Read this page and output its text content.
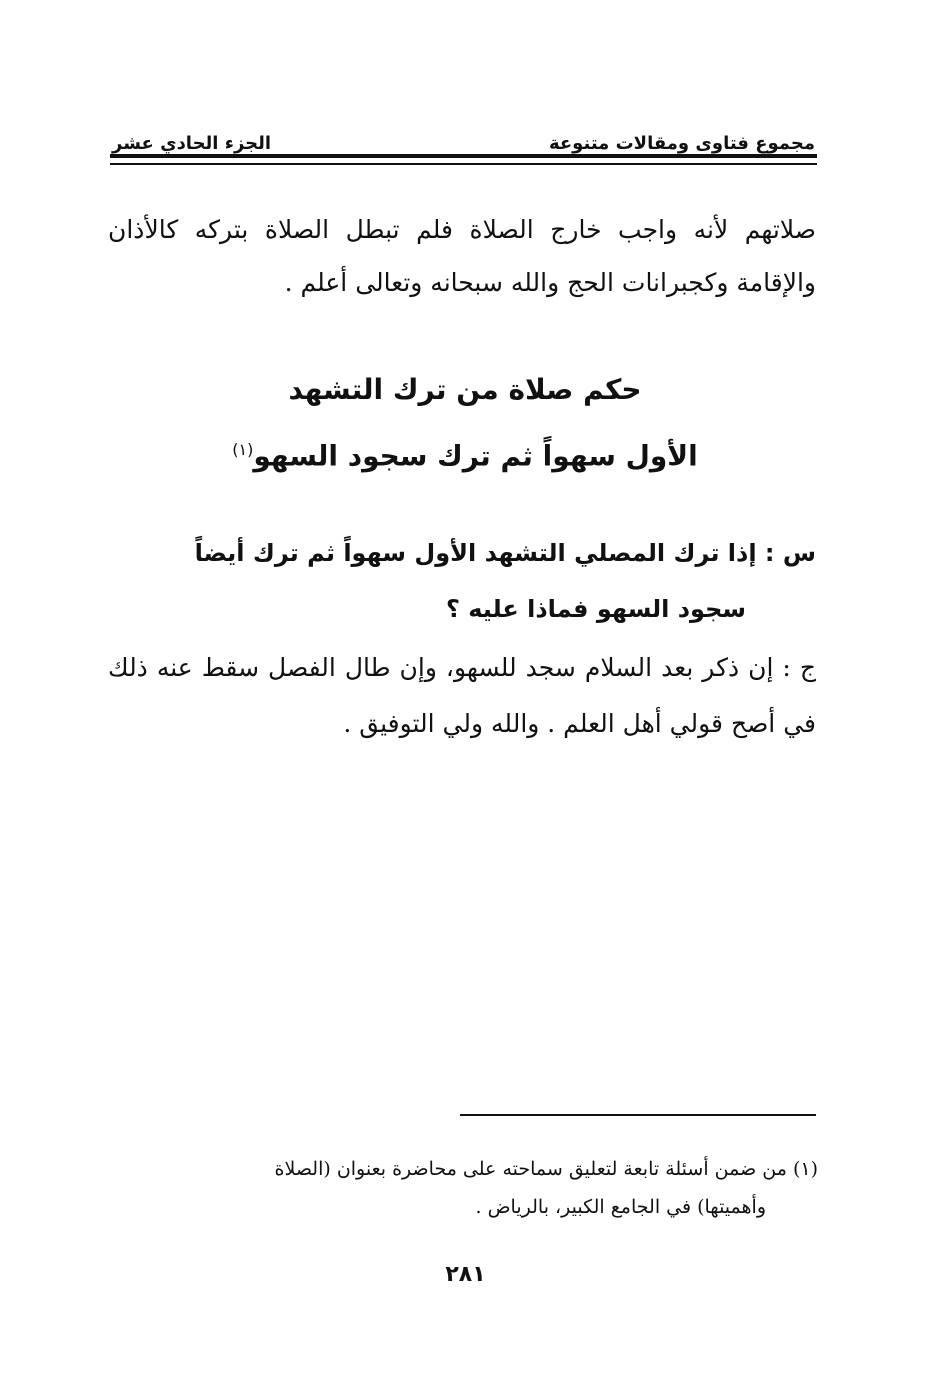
مجموع فتاوى ومقالات متنوعة
الجزء الحادي عشر
صلاتهم لأنه واجب خارج الصلاة فلم تبطل الصلاة بتركه كالأذان والإقامة وكجبرانات الحج والله سبحانه وتعالى أعلم .
حكم صلاة من ترك التشهد
الأول سهواً ثم ترك سجود السهو$^{(١)}$
س : إذا ترك المصلي التشهد الأول سهواً ثم ترك أيضاً
سجود السهو فماذا عليه ؟
ج : إن ذكر بعد السلام سجد للسهو، وإن طال الفصل سقط عنه ذلك في أصح قولي أهل العلم . والله ولي التوفيق .
(١) من ضمن أسئلة تابعة لتعليق سماحته على محاضرة بعنوان (الصلاة
وأهميتها) في الجامع الكبير، بالرياض .
٢٨١
